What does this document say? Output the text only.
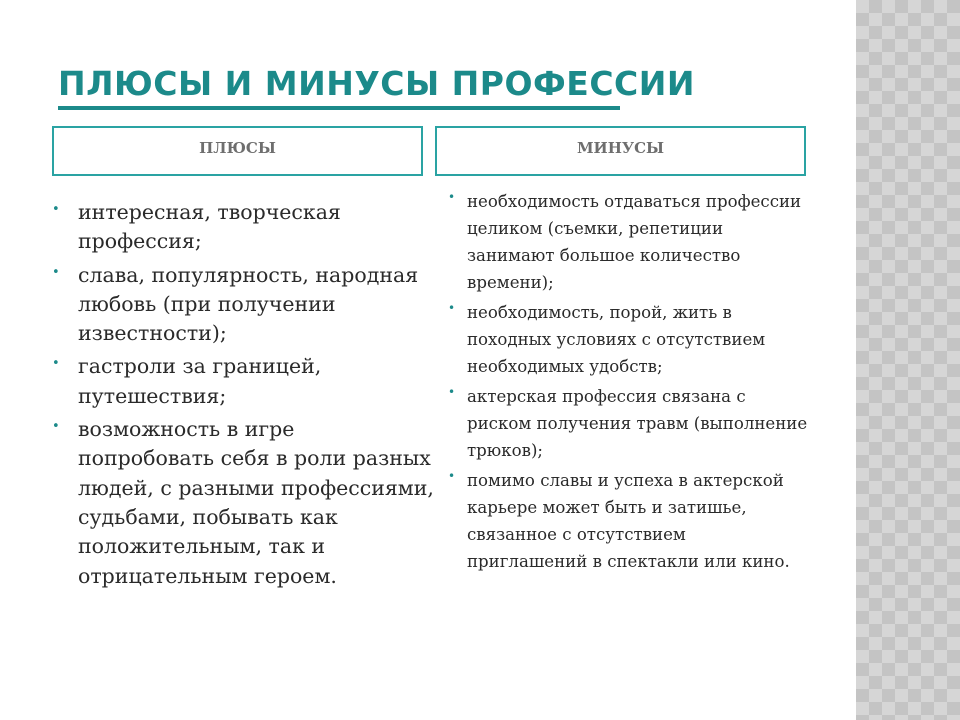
ПЛЮСЫ И МИНУСЫ ПРОФЕССИИ
ПЛЮСЫ	МИНУСЫ
• интересная, творческая профессия;
• слава, популярность, народная любовь (при получении известности);
• гастроли за границей, путешествия;
• возможность в игре попробовать себя в роли разных людей, с разными профессиями, судьбами, побывать как положительным, так и отрицательным героем.
• необходимость отдаваться профессии целиком (съемки, репетиции занимают большое количество времени);
• необходимость, порой, жить в походных условиях с отсутствием необходимых удобств;
• актерская профессия связана с риском получения травм (выполнение трюков);
• помимо славы и успеха в актерской карьере может быть и затишье, связанное с отсутствием приглашений в спектакли или кино.
